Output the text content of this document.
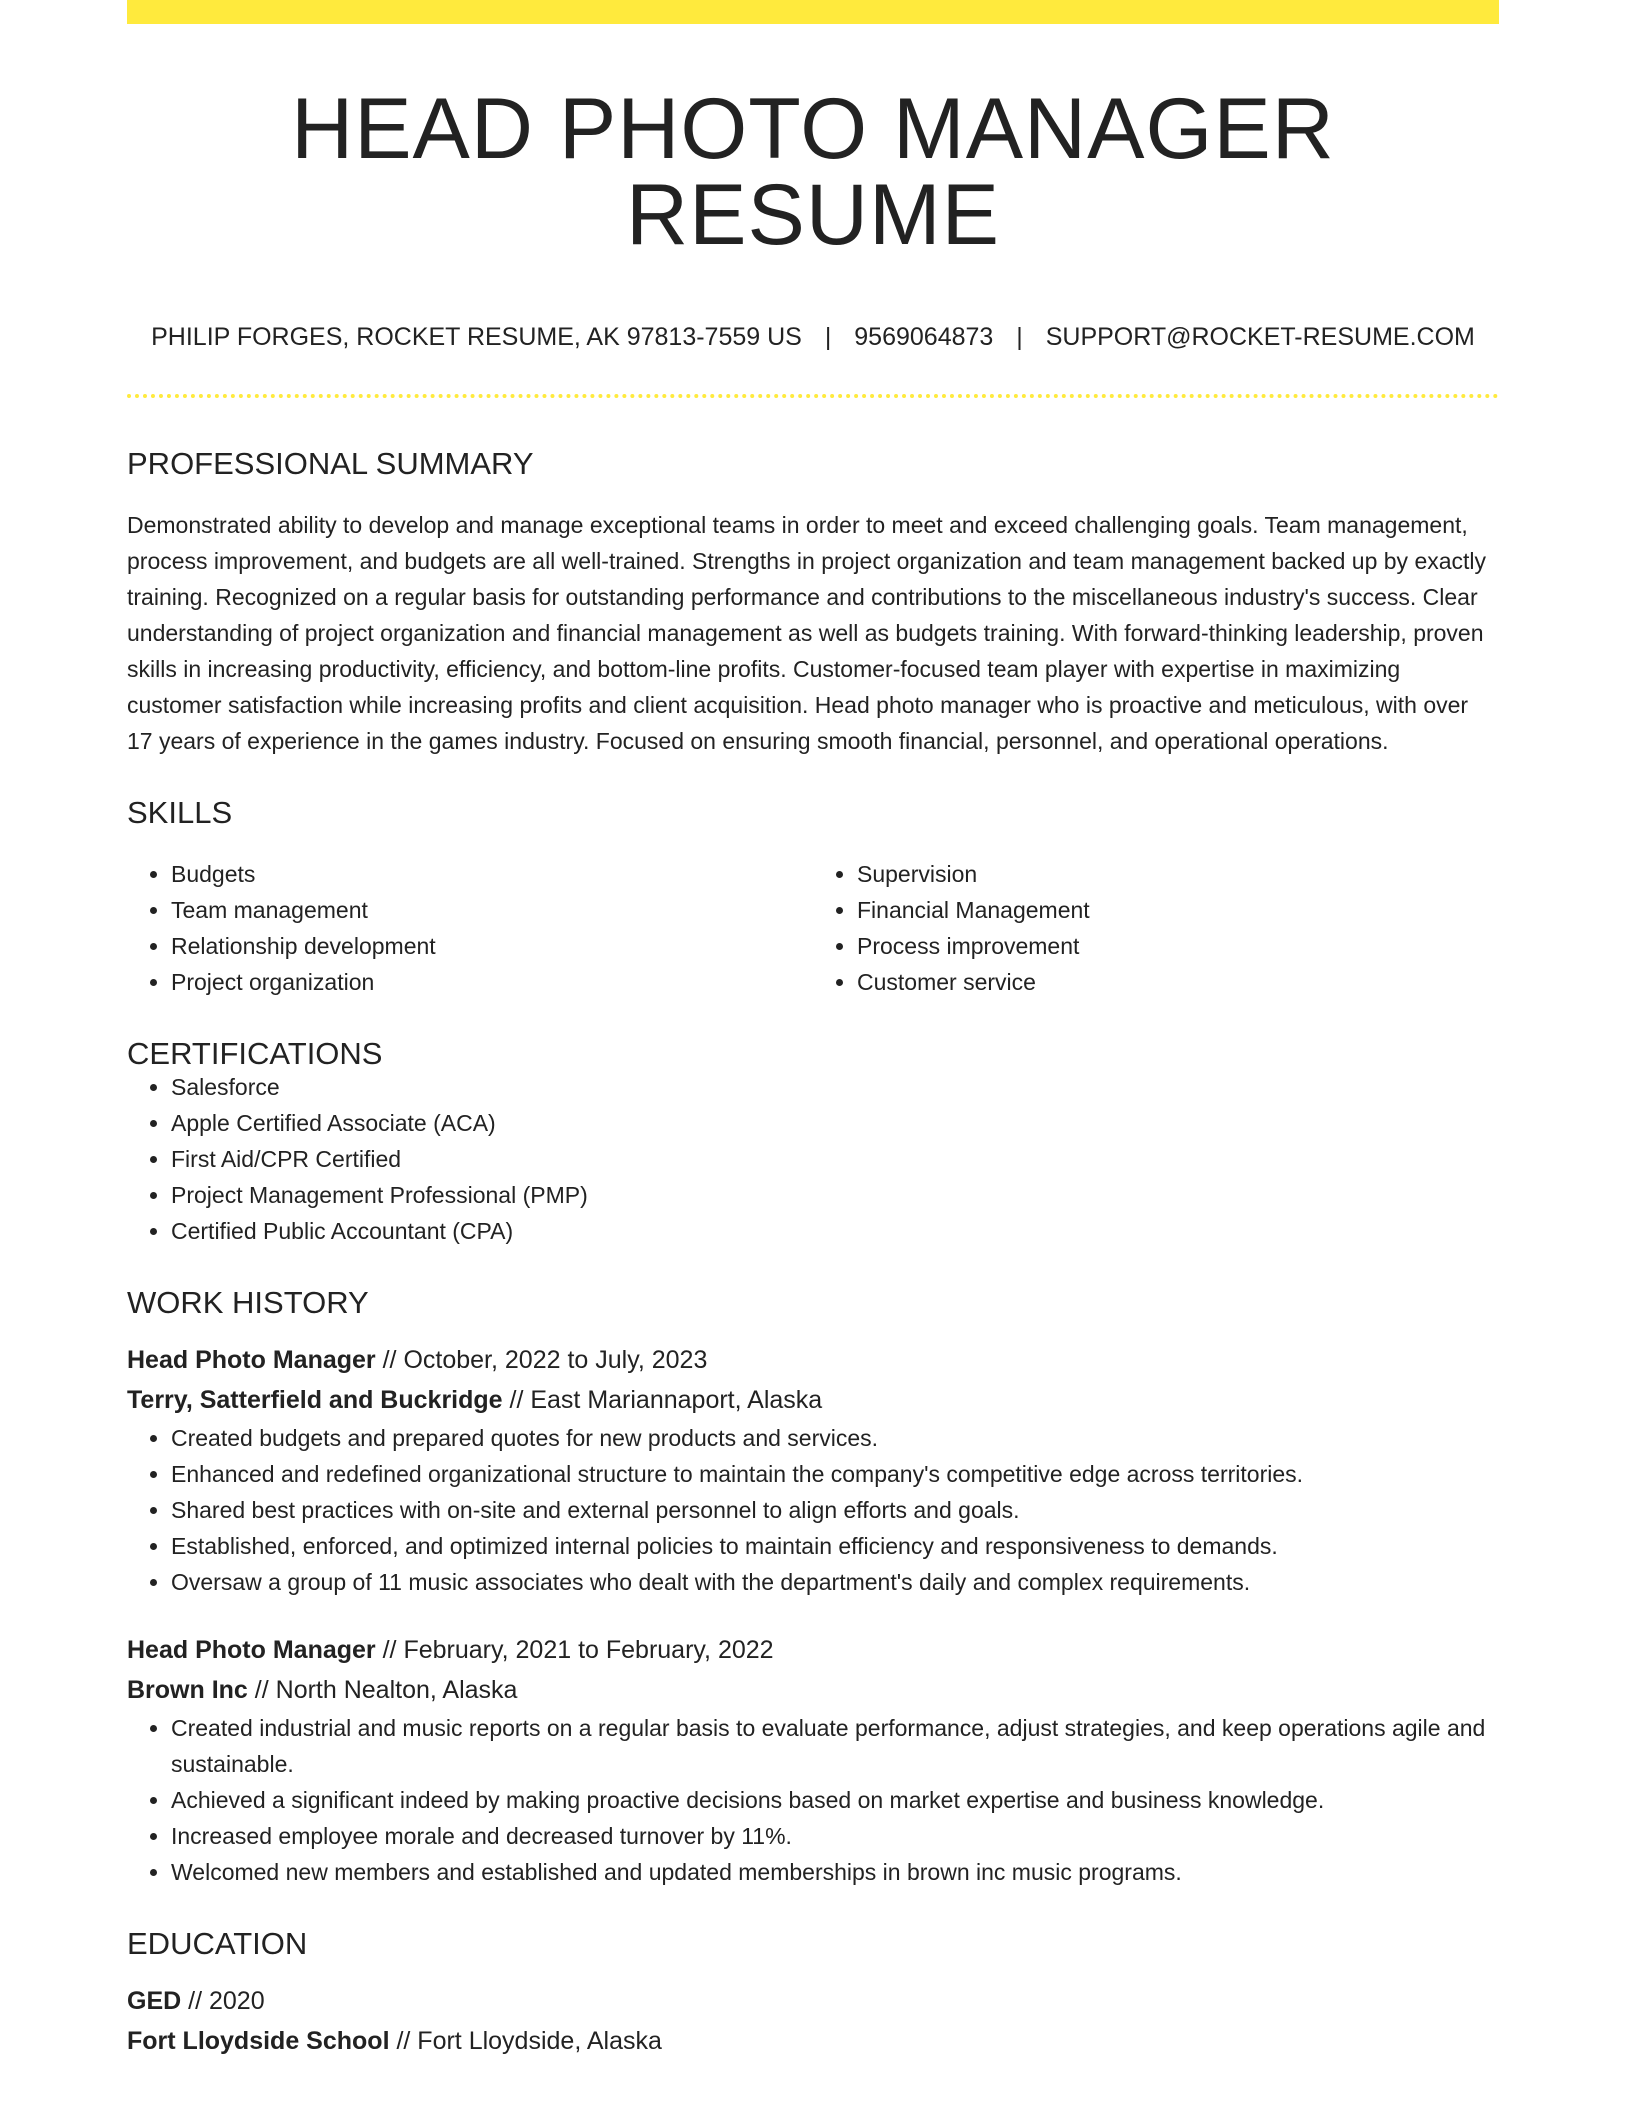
HEAD PHOTO MANAGER RESUME
PHILIP FORGES, ROCKET RESUME, AK 97813-7559 US | 9569064873 | SUPPORT@ROCKET-RESUME.COM
PROFESSIONAL SUMMARY

Demonstrated ability to develop and manage exceptional teams in order to meet and exceed challenging goals. Team management, process improvement, and budgets are all well-trained. Strengths in project organization and team management backed up by exactly training. Recognized on a regular basis for outstanding performance and contributions to the miscellaneous industry's success. Clear understanding of project organization and financial management as well as budgets training. With forward-thinking leadership, proven skills in increasing productivity, efficiency, and bottom-line profits. Customer-focused team player with expertise in maximizing customer satisfaction while increasing profits and client acquisition. Head photo manager who is proactive and meticulous, with over 17 years of experience in the games industry. Focused on ensuring smooth financial, personnel, and operational operations.

SKILLS
• Budgets
• Team management
• Relationship development
• Project organization
• Supervision
• Financial Management
• Process improvement
• Customer service
CERTIFICATIONS
• Salesforce
• Apple Certified Associate (ACA)
• First Aid/CPR Certified
• Project Management Professional (PMP)
• Certified Public Accountant (CPA)
WORK HISTORY
Head Photo Manager // October, 2022 to July, 2023
Terry, Satterfield and Buckridge // East Mariannaport, Alaska
• Created budgets and prepared quotes for new products and services.
• Enhanced and redefined organizational structure to maintain the company's competitive edge across territories.
• Shared best practices with on-site and external personnel to align efforts and goals.
• Established, enforced, and optimized internal policies to maintain efficiency and responsiveness to demands.
• Oversaw a group of 11 music associates who dealt with the department's daily and complex requirements.
Head Photo Manager // February, 2021 to February, 2022
Brown Inc // North Nealton, Alaska
• Created industrial and music reports on a regular basis to evaluate performance, adjust strategies, and keep operations agile and sustainable.
• Achieved a significant indeed by making proactive decisions based on market expertise and business knowledge.
• Increased employee morale and decreased turnover by 11%.
• Welcomed new members and established and updated memberships in brown inc music programs.
EDUCATION
GED // 2020
Fort Lloydside School // Fort Lloydside, Alaska
